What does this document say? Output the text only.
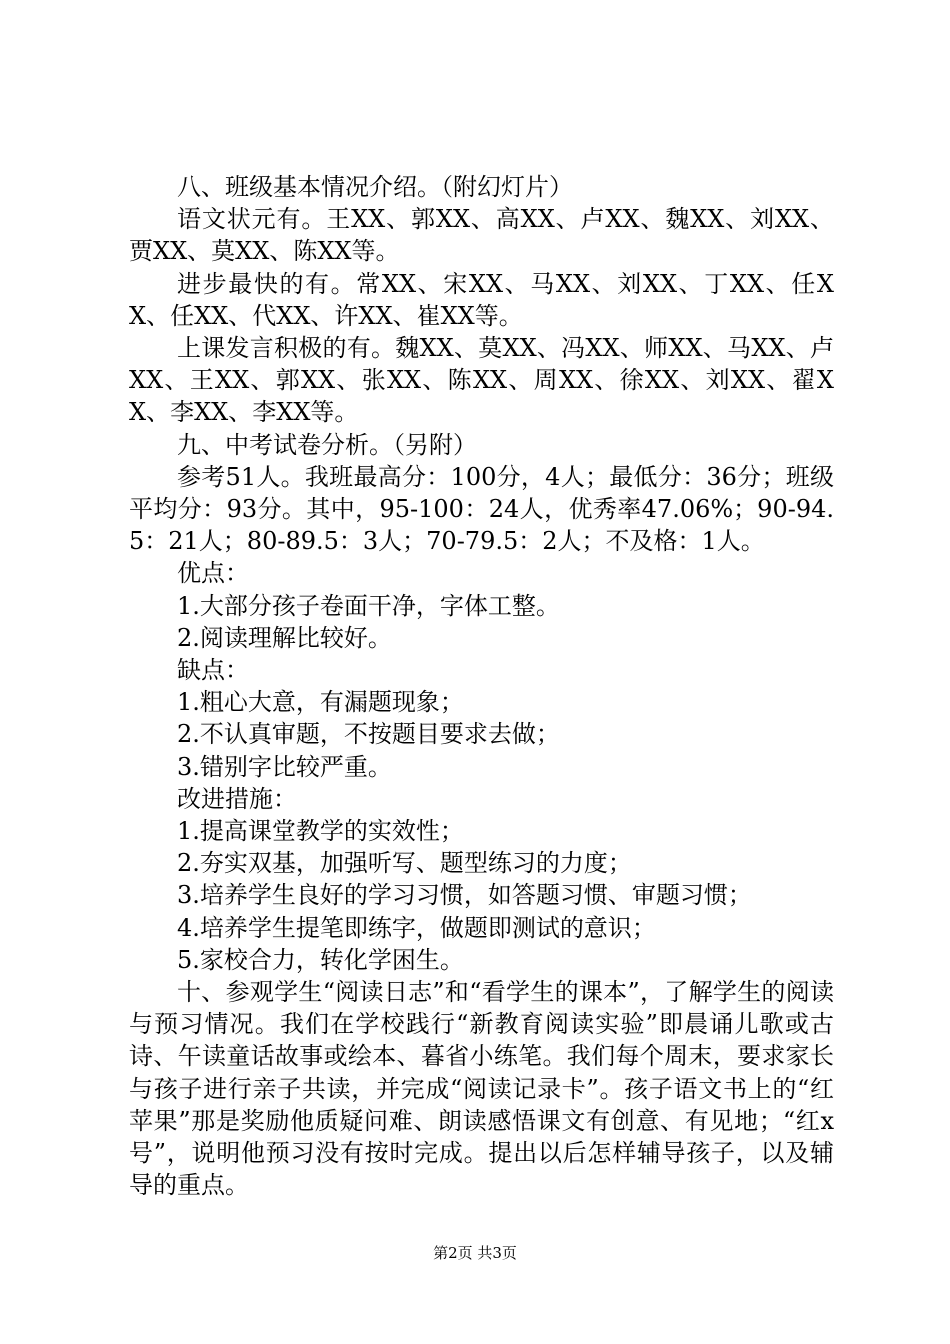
八、班级基本情况介绍。（附幻灯片）

语文状元有。王XX、郭XX、高XX、卢XX、魏XX、刘XX、贾XX、莫XX、陈XX等。

进步最快的有。常XX、宋XX、马XX、刘XX、丁XX、任XX、任XX、代XX、许XX、崔XX等。

上课发言积极的有。魏XX、莫XX、冯XX、师XX、马XX、卢XX、王XX、郭XX、张XX、陈XX、周XX、徐XX、刘XX、翟XX、李XX、李XX等。

九、中考试卷分析。（另附）

参考51人。我班最高分：100分，4人；最低分：36分；班级平均分：93分。其中，95-100：24人，优秀率47.06%；90-94.5：21人；80-89.5：3人；70-79.5：2人；不及格：1人。

优点：

1.大部分孩子卷面干净，字体工整。

2.阅读理解比较好。

缺点：

1.粗心大意，有漏题现象；

2.不认真审题，不按题目要求去做；

3.错别字比较严重。

改进措施：

1.提高课堂教学的实效性；

2.夯实双基，加强听写、题型练习的力度；

3.培养学生良好的学习习惯，如答题习惯、审题习惯；

4.培养学生提笔即练字，做题即测试的意识；

5.家校合力，转化学困生。

十、参观学生“阅读日志”和“看学生的课本”，了解学生的阅读与预习情况。我们在学校践行“新教育阅读实验”即晨诵儿歌或古诗、午读童话故事或绘本、暮省小练笔。我们每个周末，要求家长与孩子进行亲子共读，并完成“阅读记录卡”。孩子语文书上的“红苹果”那是奖励他质疑问难、朗读感悟课文有创意、有见地；“红x号”，说明他预习没有按时完成。提出以后怎样辅导孩子，以及辅导的重点。

第2页 共3页
